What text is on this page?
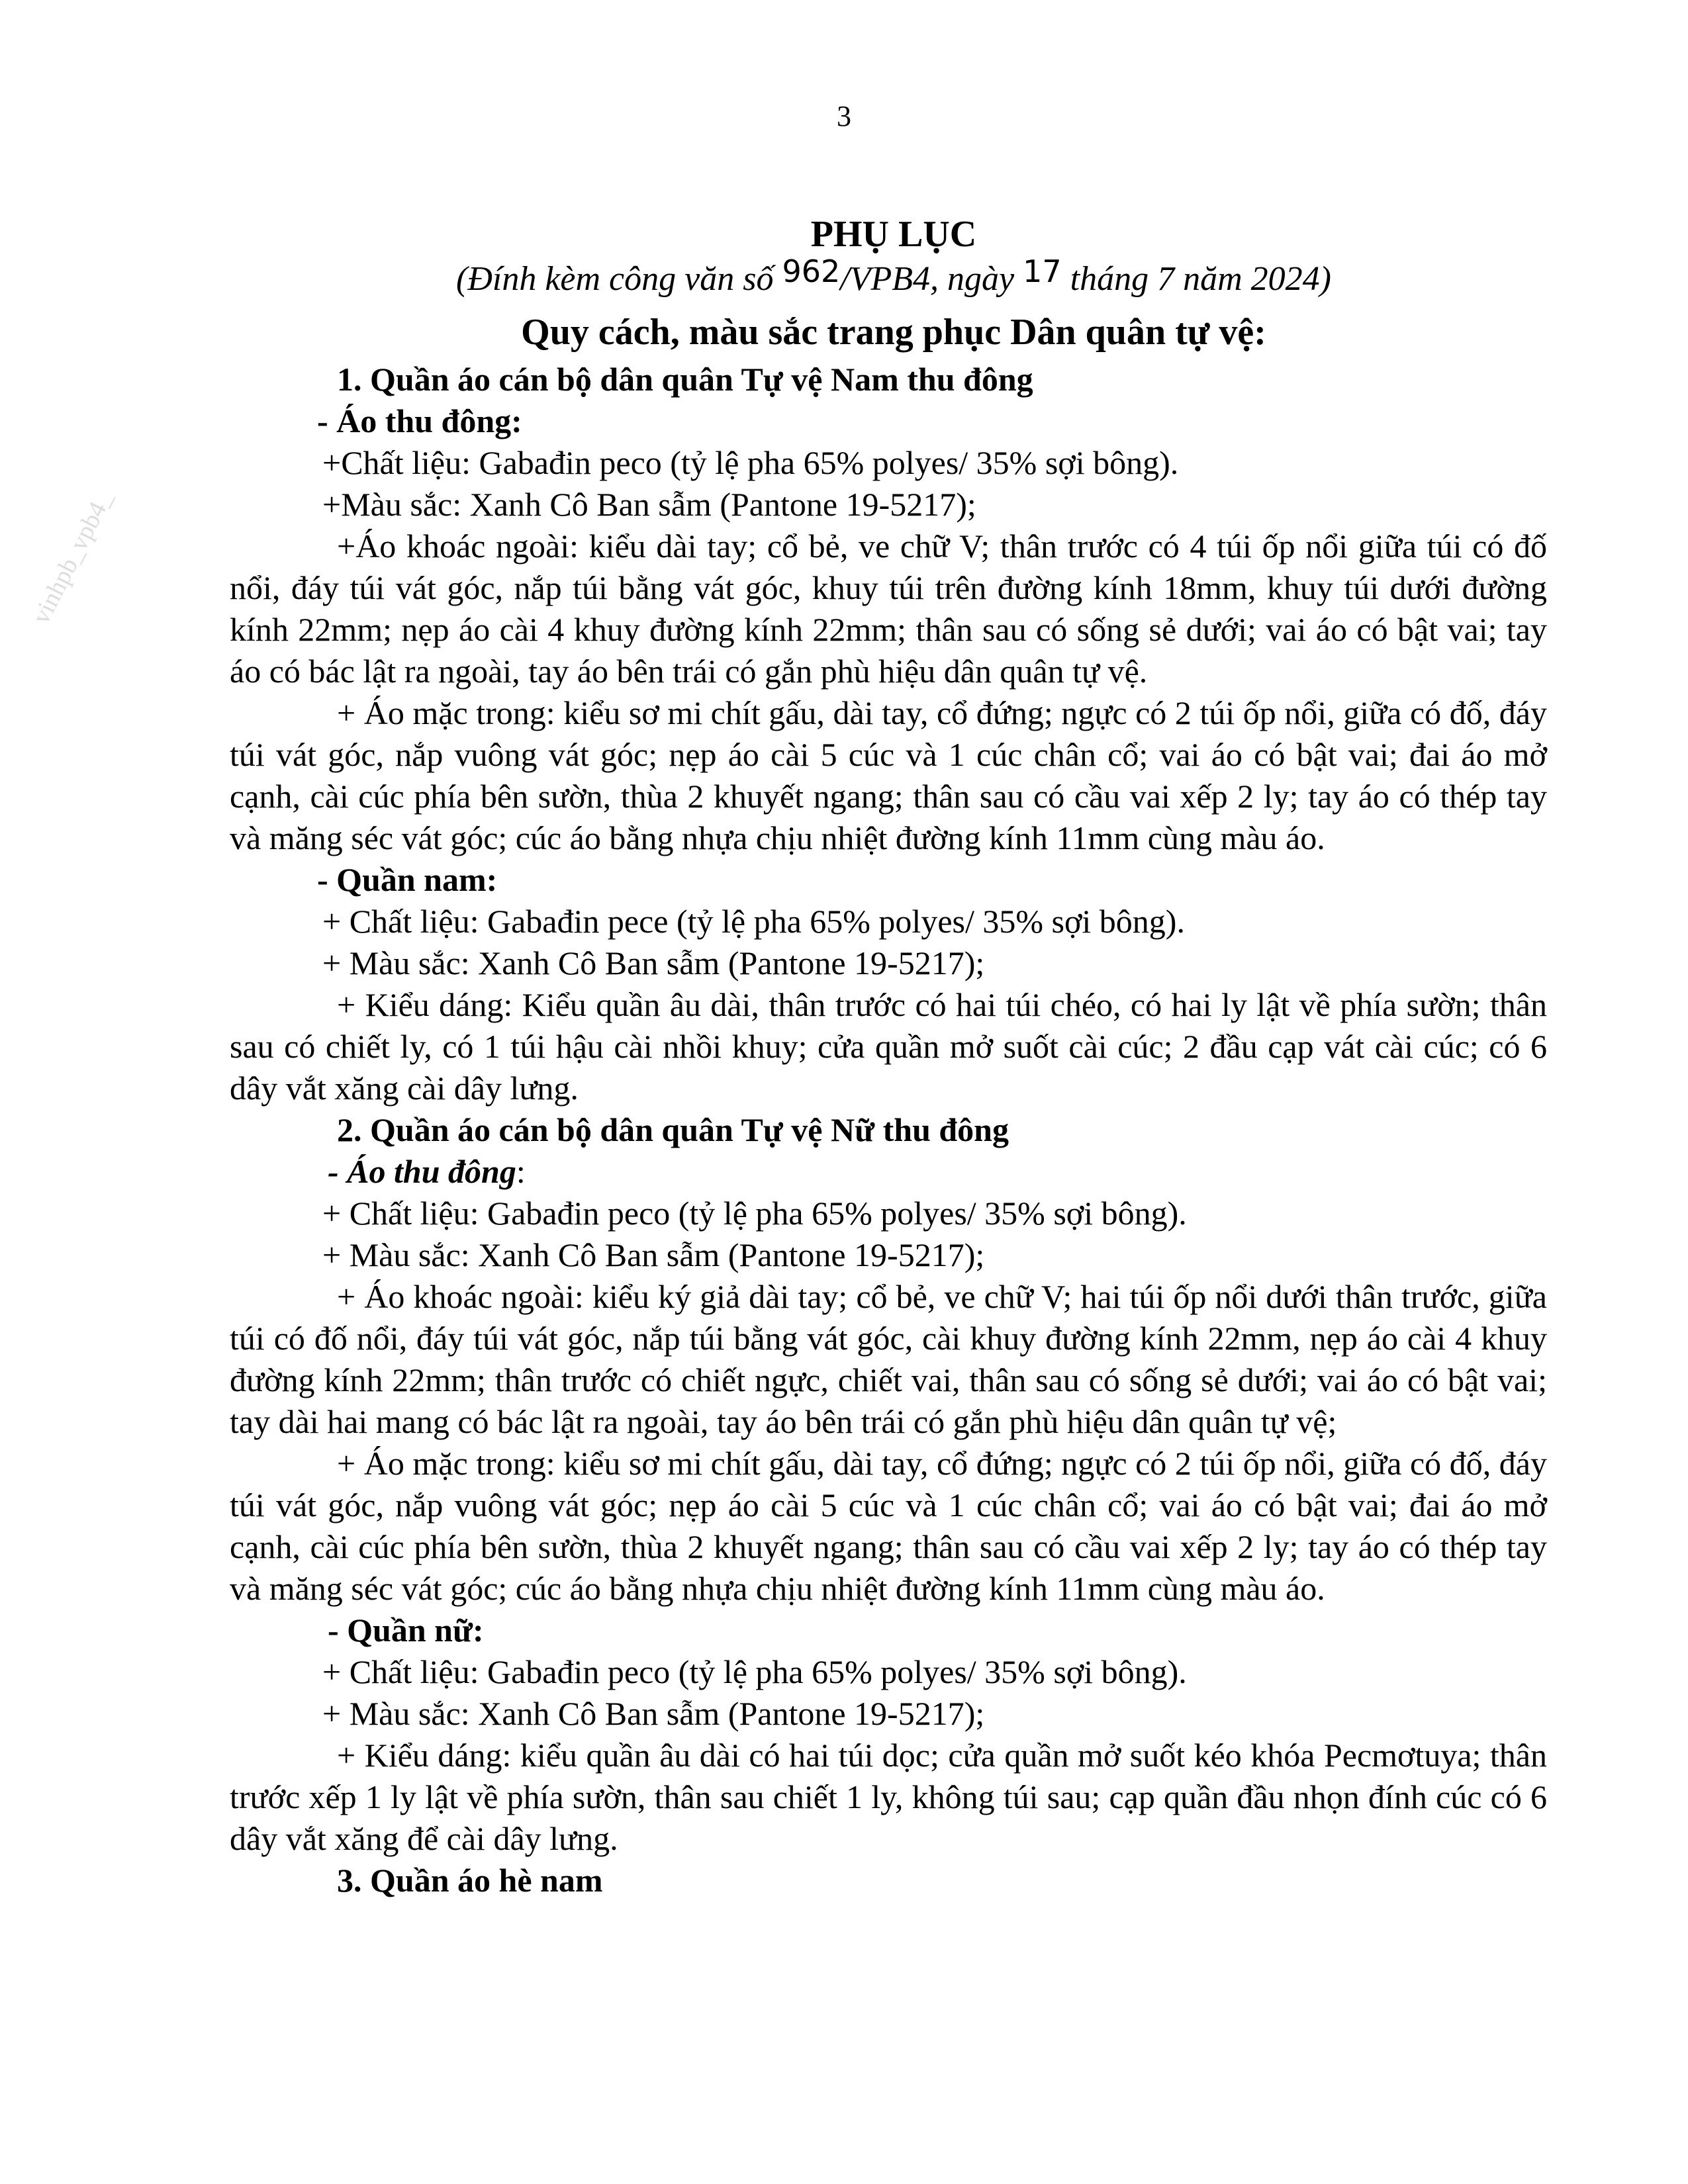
3
vinhpb_vpb4_
PHỤ LỤC
(Đính kèm công văn số 962/VPB4, ngày 17 tháng 7 năm 2024)
Quy cách, màu sắc trang phục Dân quân tự vệ:

1. Quần áo cán bộ dân quân Tự vệ Nam thu đông

- Áo thu đông:

+Chất liệu: Gabađin peco (tỷ lệ pha 65% polyes/ 35% sợi bông).

+Màu sắc: Xanh Cô Ban sẫm (Pantone 19-5217);

+Áo khoác ngoài: kiểu dài tay; cổ bẻ, ve chữ V; thân trước có 4 túi ốp nổi giữa túi có đố nổi, đáy túi vát góc, nắp túi bằng vát góc, khuy túi trên đường kính 18mm, khuy túi dưới đường kính 22mm; nẹp áo cài 4 khuy đường kính 22mm; thân sau có sống sẻ dưới; vai áo có bật vai; tay áo có bác lật ra ngoài, tay áo bên trái có gắn phù hiệu dân quân tự vệ.

+ Áo mặc trong: kiểu sơ mi chít gấu, dài tay, cổ đứng; ngực có 2 túi ốp nổi, giữa có đố, đáy túi vát góc, nắp vuông vát góc; nẹp áo cài 5 cúc và 1 cúc chân cổ; vai áo có bật vai; đai áo mở cạnh, cài cúc phía bên sườn, thùa 2 khuyết ngang; thân sau có cầu vai xếp 2 ly; tay áo có thép tay và măng séc vát góc; cúc áo bằng nhựa chịu nhiệt đường kính 11mm cùng màu áo.

- Quần nam:

+ Chất liệu: Gabađin pece (tỷ lệ pha 65% polyes/ 35% sợi bông).

+ Màu sắc: Xanh Cô Ban sẫm (Pantone 19-5217);

+ Kiểu dáng: Kiểu quần âu dài, thân trước có hai túi chéo, có hai ly lật về phía sườn; thân sau có chiết ly, có 1 túi hậu cài nhồi khuy; cửa quần mở suốt cài cúc; 2 đầu cạp vát cài cúc; có 6 dây vắt xăng cài dây lưng.

2. Quần áo cán bộ dân quân Tự vệ Nữ thu đông

- Áo thu đông:

+ Chất liệu: Gabađin peco (tỷ lệ pha 65% polyes/ 35% sợi bông).

+ Màu sắc: Xanh Cô Ban sẫm (Pantone 19-5217);

+ Áo khoác ngoài: kiểu ký giả dài tay; cổ bẻ, ve chữ V; hai túi ốp nổi dưới thân trước, giữa túi có đố nổi, đáy túi vát góc, nắp túi bằng vát góc, cài khuy đường kính 22mm, nẹp áo cài 4 khuy đường kính 22mm; thân trước có chiết ngực, chiết vai, thân sau có sống sẻ dưới; vai áo có bật vai; tay dài hai mang có bác lật ra ngoài, tay áo bên trái có gắn phù hiệu dân quân tự vệ;

+ Áo mặc trong: kiểu sơ mi chít gấu, dài tay, cổ đứng; ngực có 2 túi ốp nổi, giữa có đố, đáy túi vát góc, nắp vuông vát góc; nẹp áo cài 5 cúc và 1 cúc chân cổ; vai áo có bật vai; đai áo mở cạnh, cài cúc phía bên sườn, thùa 2 khuyết ngang; thân sau có cầu vai xếp 2 ly; tay áo có thép tay và măng séc vát góc; cúc áo bằng nhựa chịu nhiệt đường kính 11mm cùng màu áo.

- Quần nữ:

+ Chất liệu: Gabađin peco (tỷ lệ pha 65% polyes/ 35% sợi bông).

+ Màu sắc: Xanh Cô Ban sẫm (Pantone 19-5217);

+ Kiểu dáng: kiểu quần âu dài có hai túi dọc; cửa quần mở suốt kéo khóa Pecmơtuya; thân trước xếp 1 ly lật về phía sườn, thân sau chiết 1 ly, không túi sau; cạp quần đầu nhọn đính cúc có 6 dây vắt xăng để cài dây lưng.

3. Quần áo hè nam
